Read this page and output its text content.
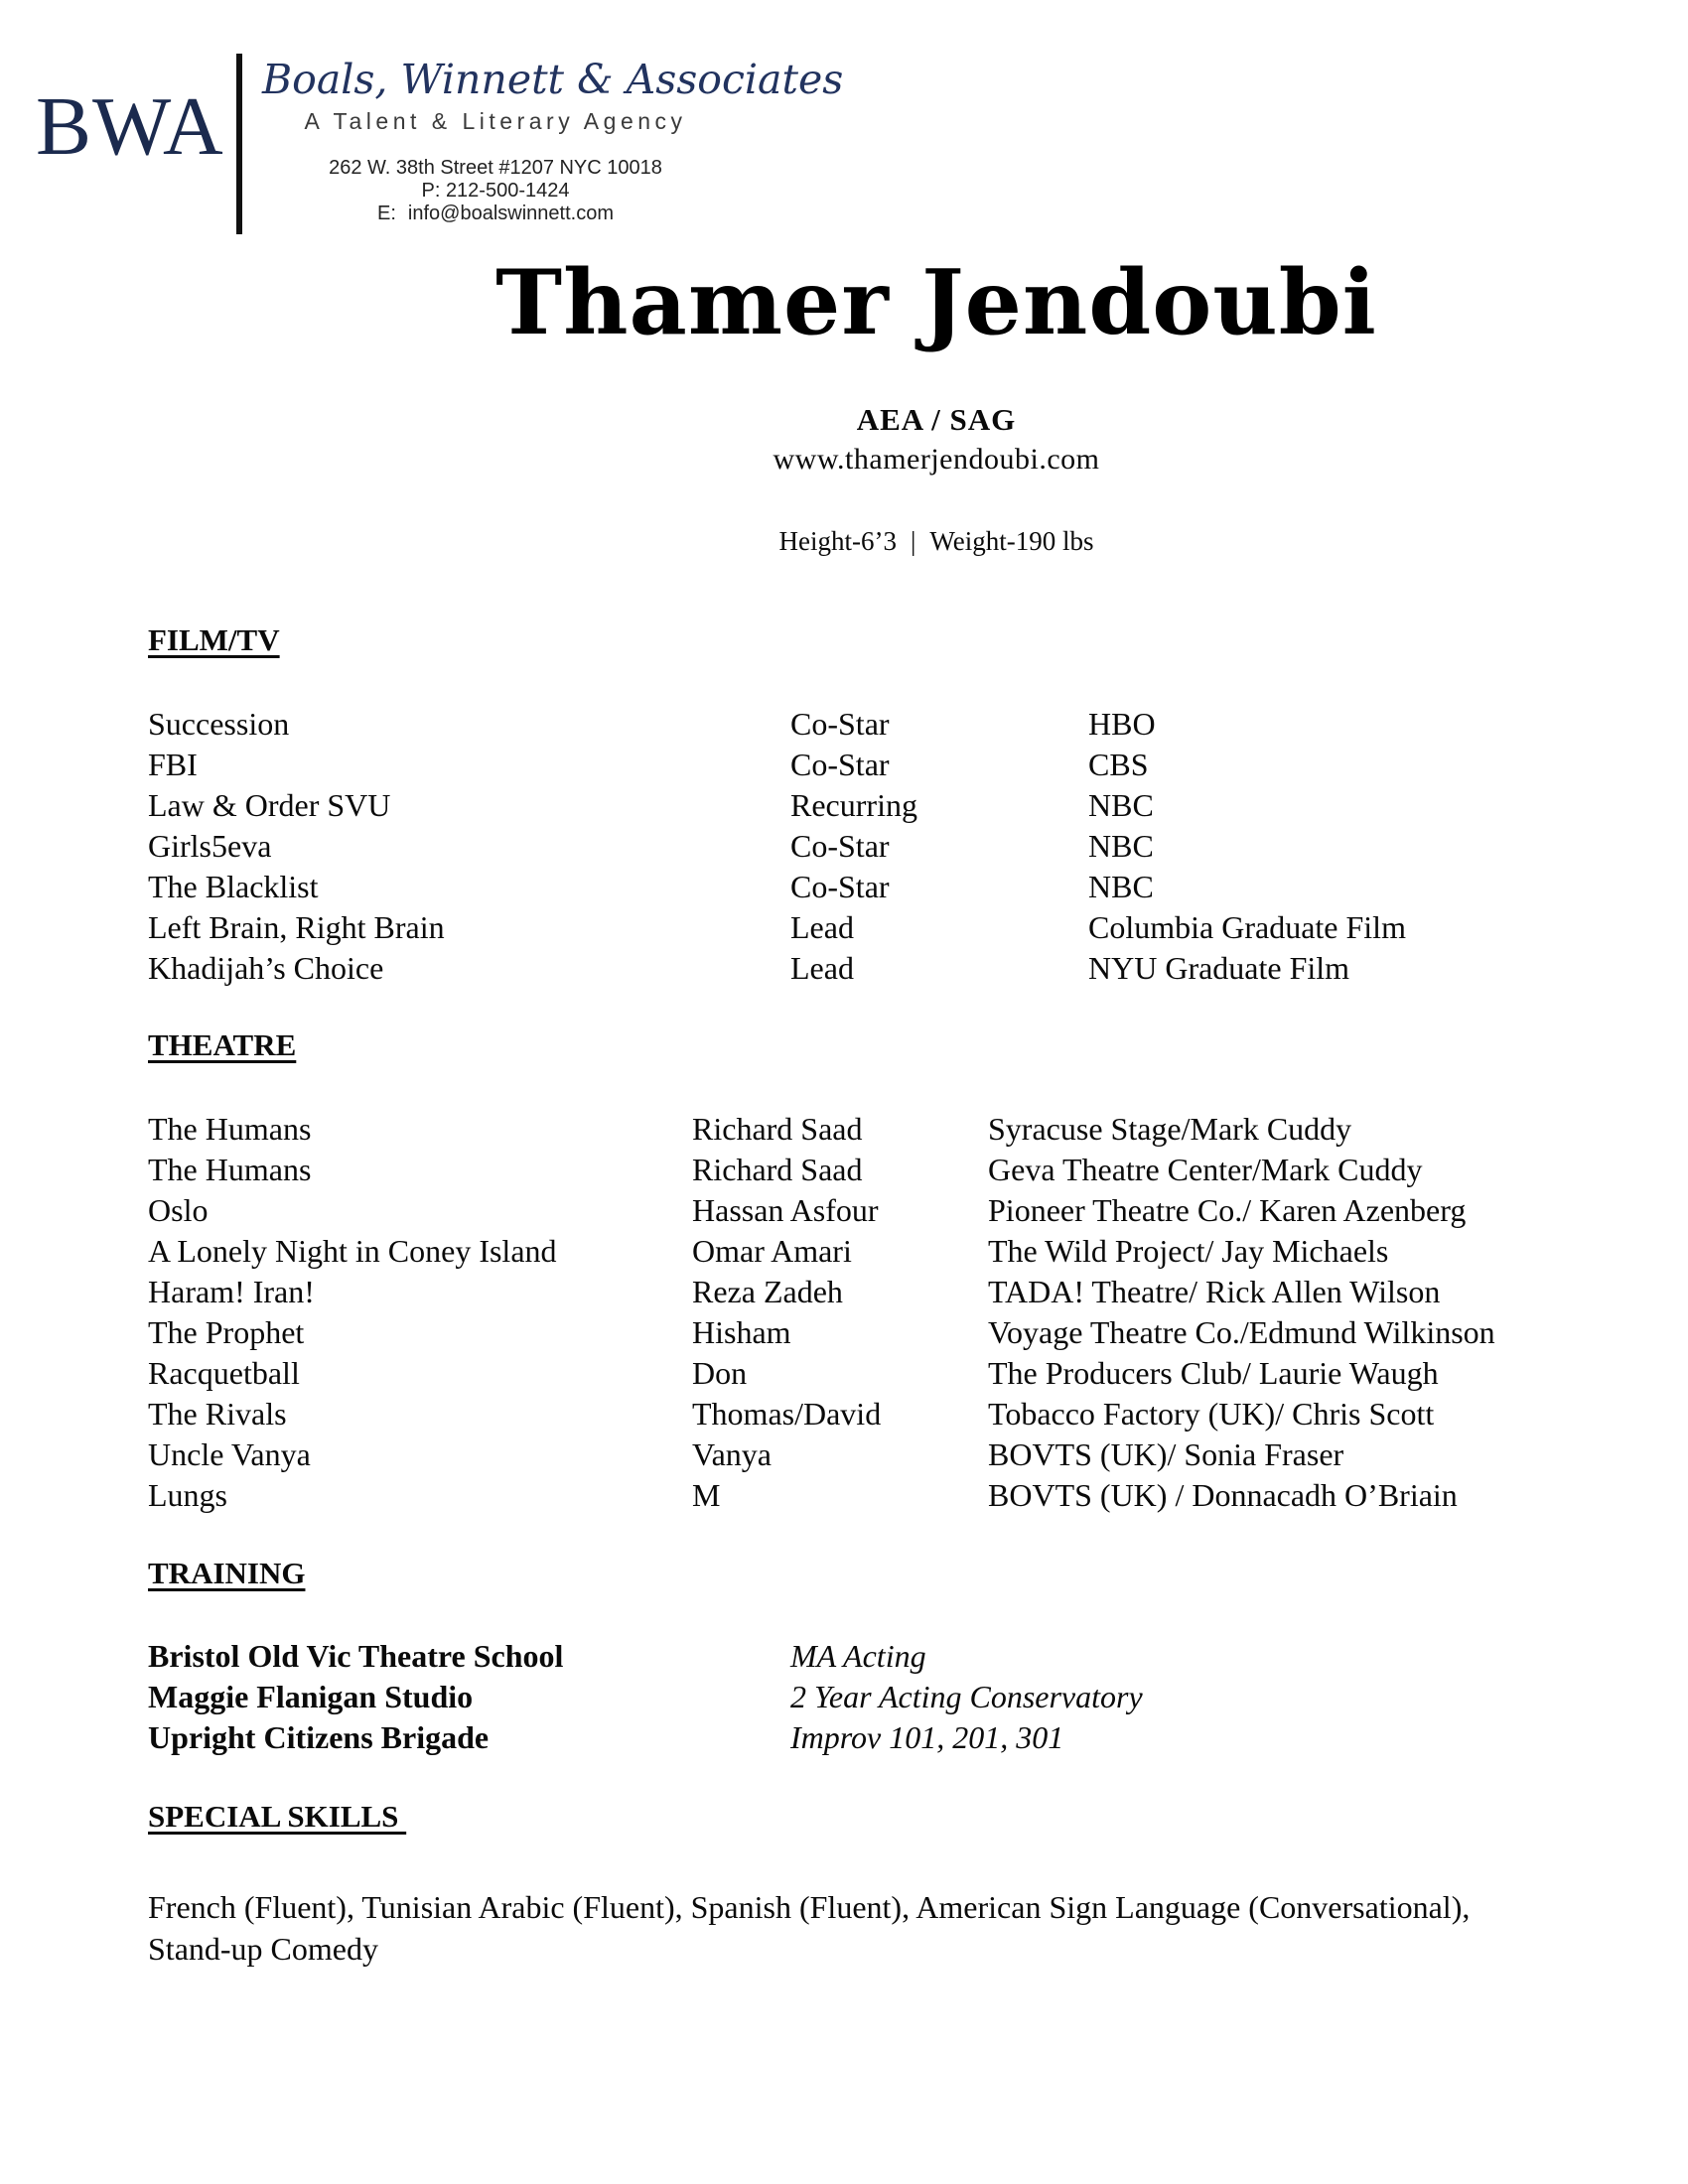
BWA
Boals, Winnett & Associates
A Talent & Literary Agency
262 W. 38th Street #1207 NYC 10018
P: 212-500-1424
E: info@boalswinnett.com
Thamer Jendoubi
AEA / SAG
www.thamerjendoubi.com
Height-6’3 | Weight-190 lbs
FILM/TV
Succession	Co-Star	HBO
FBI	Co-Star	CBS
Law & Order SVU	Recurring	NBC
Girls5eva	Co-Star	NBC
The Blacklist	Co-Star	NBC
Left Brain, Right Brain	Lead	Columbia Graduate Film
Khadijah’s Choice	Lead	NYU Graduate Film
THEATRE
The Humans	Richard Saad	Syracuse Stage/Mark Cuddy
The Humans	Richard Saad	Geva Theatre Center/Mark Cuddy
Oslo	Hassan Asfour	Pioneer Theatre Co./ Karen Azenberg
A Lonely Night in Coney Island	Omar Amari	The Wild Project/ Jay Michaels
Haram! Iran!	Reza Zadeh	TADA! Theatre/ Rick Allen Wilson
The Prophet	Hisham	Voyage Theatre Co./Edmund Wilkinson
Racquetball	Don	The Producers Club/ Laurie Waugh
The Rivals	Thomas/David	Tobacco Factory (UK)/ Chris Scott
Uncle Vanya	Vanya	BOVTS (UK)/ Sonia Fraser
Lungs	M	BOVTS (UK) / Donnacadh O’Briain
TRAINING
Bristol Old Vic Theatre School	MA Acting
Maggie Flanigan Studio	2 Year Acting Conservatory
Upright Citizens Brigade	Improv 101, 201, 301
SPECIAL SKILLS
French (Fluent), Tunisian Arabic (Fluent), Spanish (Fluent), American Sign Language (Conversational), Stand-up Comedy
